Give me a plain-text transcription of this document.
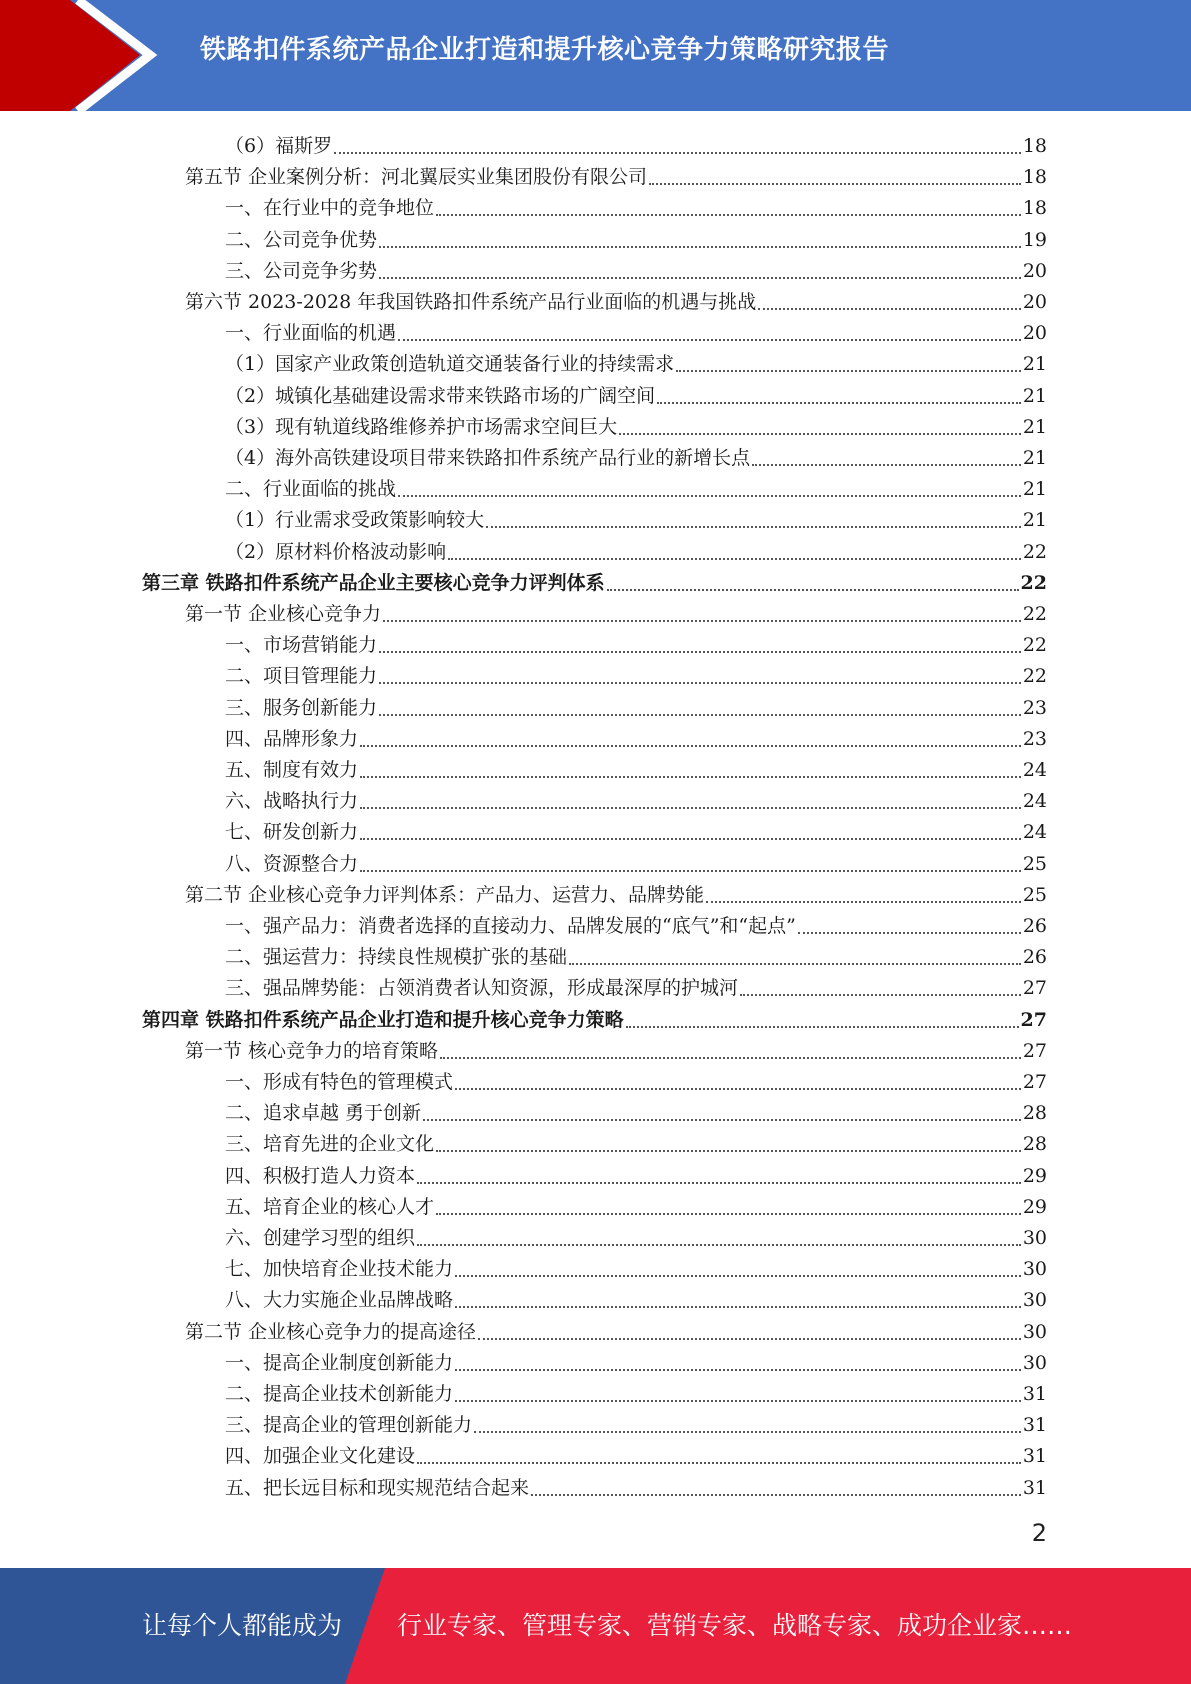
铁路扣件系统产品企业打造和提升核心竞争力策略研究报告
（6）福斯罗	18
第五节 企业案例分析：河北翼辰实业集团股份有限公司	18
一、在行业中的竞争地位	18
二、公司竞争优势	19
三、公司竞争劣势	20
第六节 2023-2028 年我国铁路扣件系统产品行业面临的机遇与挑战	20
一、行业面临的机遇	20
（1）国家产业政策创造轨道交通装备行业的持续需求	21
（2）城镇化基础建设需求带来铁路市场的广阔空间	21
（3）现有轨道线路维修养护市场需求空间巨大	21
（4）海外高铁建设项目带来铁路扣件系统产品行业的新增长点	21
二、行业面临的挑战	21
（1）行业需求受政策影响较大	21
（2）原材料价格波动影响	22
第三章 铁路扣件系统产品企业主要核心竞争力评判体系	22
第一节 企业核心竞争力	22
一、市场营销能力	22
二、项目管理能力	22
三、服务创新能力	23
四、品牌形象力	23
五、制度有效力	24
六、战略执行力	24
七、研发创新力	24
八、资源整合力	25
第二节 企业核心竞争力评判体系：产品力、运营力、品牌势能	25
一、强产品力：消费者选择的直接动力、品牌发展的“底气”和“起点”	26
二、强运营力：持续良性规模扩张的基础	26
三、强品牌势能：占领消费者认知资源，形成最深厚的护城河	27
第四章 铁路扣件系统产品企业打造和提升核心竞争力策略	27
第一节 核心竞争力的培育策略	27
一、形成有特色的管理模式	27
二、追求卓越 勇于创新	28
三、培育先进的企业文化	28
四、积极打造人力资本	29
五、培育企业的核心人才	29
六、创建学习型的组织	30
七、加快培育企业技术能力	30
八、大力实施企业品牌战略	30
第二节 企业核心竞争力的提高途径	30
一、提高企业制度创新能力	30
二、提高企业技术创新能力	31
三、提高企业的管理创新能力	31
四、加强企业文化建设	31
五、把长远目标和现实规范结合起来	31
2
让每个人都能成为 行业专家、管理专家、营销专家、战略专家、成功企业家……
